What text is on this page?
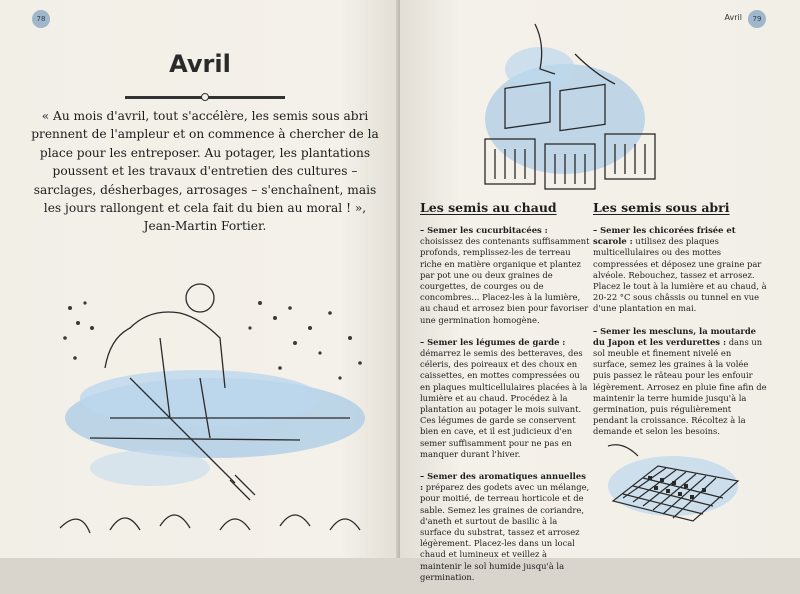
78
Avril
« Au mois d'avril, tout s'accélère, les semis sous abri prennent de l'ampleur et on commence à chercher de la place pour les entreposer. Au potager, les plantations poussent et les travaux d'entretien des cultures – sarclages, désherbages, arrosages – s'enchaînent, mais les jours rallongent et cela fait du bien au moral ! », Jean-Martin Fortier.
Avril	79
Les semis au chaud

– Semer les cucurbitacées : choisissez des contenants suffisamment profonds, remplissez-les de terreau riche en matière organique et plantez par pot une ou deux graines de courgettes, de courges ou de concombres... Placez-les à la lumière, au chaud et arrosez bien pour favoriser une germination homogène.

– Semer les légumes de garde : démarrez le semis des betteraves, des céleris, des poireaux et des choux en caissettes, en mottes compressées ou en plaques multicellulaires placées à la lumière et au chaud. Procédez à la plantation au potager le mois suivant. Ces légumes de garde se conservent bien en cave, et il est judicieux d'en semer suffisamment pour ne pas en manquer durant l'hiver.

– Semer des aromatiques annuelles : préparez des godets avec un mélange, pour moitié, de terreau horticole et de sable. Semez les graines de coriandre, d'aneth et surtout de basilic à la surface du substrat, tassez et arrosez légèrement. Placez-les dans un local chaud et lumineux et veillez à maintenir le sol humide jusqu'à la germination.

Les semis sous abri

– Semer les chicorées frisée et scarole : utilisez des plaques multicellulaires ou des mottes compressées et déposez une graine par alvéole. Rebouchez, tassez et arrosez. Placez le tout à la lumière et au chaud, à 20-22 °C sous châssis ou tunnel en vue d'une plantation en mai.

– Semer les mescluns, la moutarde du Japon et les verdurettes : dans un sol meuble et finement nivelé en surface, semez les graines à la volée puis passez le râteau pour les enfouir légèrement. Arrosez en pluie fine afin de maintenir la terre humide jusqu'à la germination, puis régulièrement pendant la croissance. Récoltez à la demande et selon les besoins.
